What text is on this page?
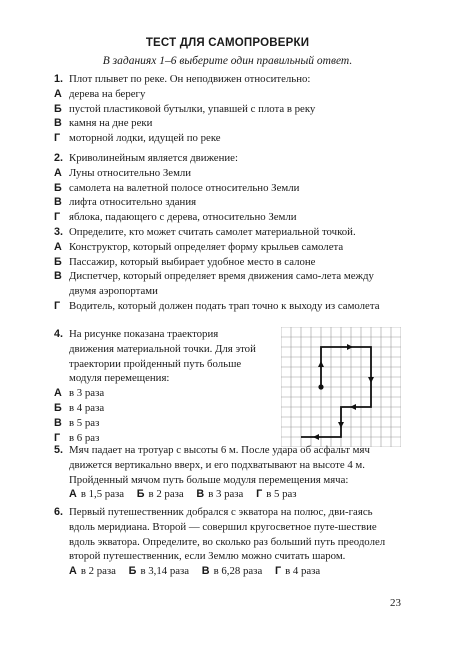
ТЕСТ ДЛЯ САМОПРОВЕРКИ
В заданиях 1–6 выберите один правильный ответ.
1. Плот плывет по реке. Он неподвижен относительно:
А дерева на берегу
Б пустой пластиковой бутылки, упавшей с плота в реку
В камня на дне реки
Г моторной лодки, идущей по реке
2. Криволинейным является движение:
А Луны относительно Земли
Б самолета на валетной полосе относительно Земли
В лифта относительно здания
Г яблока, падающего с дерева, относительно Земли
3. Определите, кто может считать самолет материальной точкой.
А Конструктор, который определяет форму крыльев самолета
Б Пассажир, который выбирает удобное место в салоне
В Диспетчер, который определяет время движения само-лета между двумя аэропортами
Г Водитель, который должен подать трап точно к выходу из самолета
4. На рисунке показана траектория движения материальной точки. Для этой траектории пройденный путь больше модуля перемещения:
А в 3 раза
Б в 4 раза
В в 5 раз
Г в 6 раз
5. Мяч падает на тротуар с высоты 6 м. После удара об асфальт мяч движется вертикально вверх, и его подхватывают на высоте 4 м. Пройденный мячом путь больше модуля перемещения мяча:
А в 1,5 раза Б в 2 раза В в 3 раза Г в 5 раз
6. Первый путешественник добрался с экватора на полюс, дви-гаясь вдоль меридиана. Второй — совершил кругосветное путе-шествие вдоль экватора. Определите, во сколько раз больший путь преодолел второй путешественник, если Землю можно считать шаром.
А в 2 раза Б в 3,14 раза В в 6,28 раза Г в 4 раза
23
